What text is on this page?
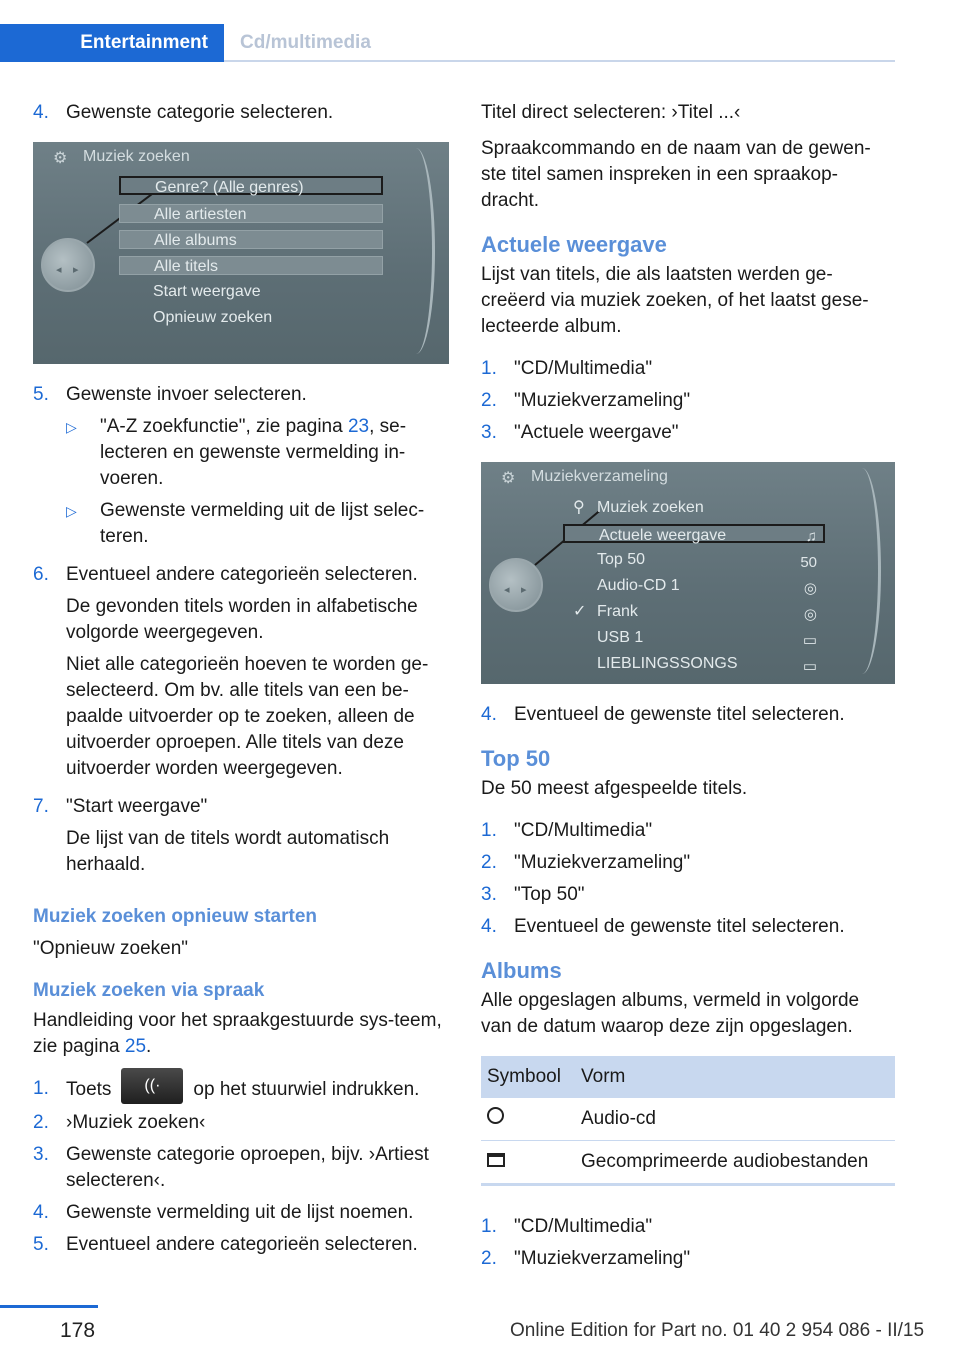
Entertainment	Cd/multimedia
4. Gewenste categorie selecteren.
⚙ Muziek zoeken
◂ ▸
Genre? (Alle genres)
Alle artiesten
Alle albums
Alle titels
Start weergave
Opnieuw zoeken
5. Gewenste invoer selecteren.
▷	"A-Z zoekfunctie", zie pagina 23, se-lecteren en gewenste vermelding in-voeren.
▷	Gewenste vermelding uit de lijst selec-teren.
6. Eventueel andere categorieën selecteren.

De gevonden titels worden in alfabetische volgorde weergegeven.

Niet alle categorieën hoeven te worden ge-selecteerd. Om bv. alle titels van een be-paalde uitvoerder op te zoeken, alleen de uitvoerder oproepen. Alle titels van deze uitvoerder worden weergegeven.

7. "Start weergave"

De lijst van de titels wordt automatisch herhaald.

Muziek zoeken opnieuw starten
"Opnieuw zoeken"
Muziek zoeken via spraak
Handleiding voor het spraakgestuurde sys-teem, zie pagina 25.
1. Toets ((· op het stuurwiel indrukken.
2. ›Muziek zoeken‹
3. Gewenste categorie oproepen, bijv. ›Artiest selecteren‹.
4. Gewenste vermelding uit de lijst noemen.
5. Eventueel andere categorieën selecteren.
Titel direct selecteren: ›Titel ...‹
Spraakcommando en de naam van de gewen-ste titel samen inspreken in een spraakop-dracht.
Actuele weergave
Lijst van titels, die als laatsten werden ge-creëerd via muziek zoeken, of het laatst gese-lecteerde album.
1. "CD/Multimedia"
2. "Muziekverzameling"
3. "Actuele weergave"
⚙ Muziekverzameling
◂ ▸
⚲ Muziek zoeken
Actuele weergave	♫
Top 50	50
Audio-CD 1	◎
✓ Frank	◎
USB 1	▭
LIEBLINGSSONGS	▭
4. Eventueel de gewenste titel selecteren.
Top 50
De 50 meest afgespeelde titels.
1. "CD/Multimedia"
2. "Muziekverzameling"
3. "Top 50"
4. Eventueel de gewenste titel selecteren.
Albums
Alle opgeslagen albums, vermeld in volgorde van de datum waarop deze zijn opgeslagen.
Symbool	Vorm
	Audio-cd
	Gecomprimeerde audiobestanden
1. "CD/Multimedia"
2. "Muziekverzameling"
178	Online Edition for Part no. 01 40 2 954 086 - II/15
